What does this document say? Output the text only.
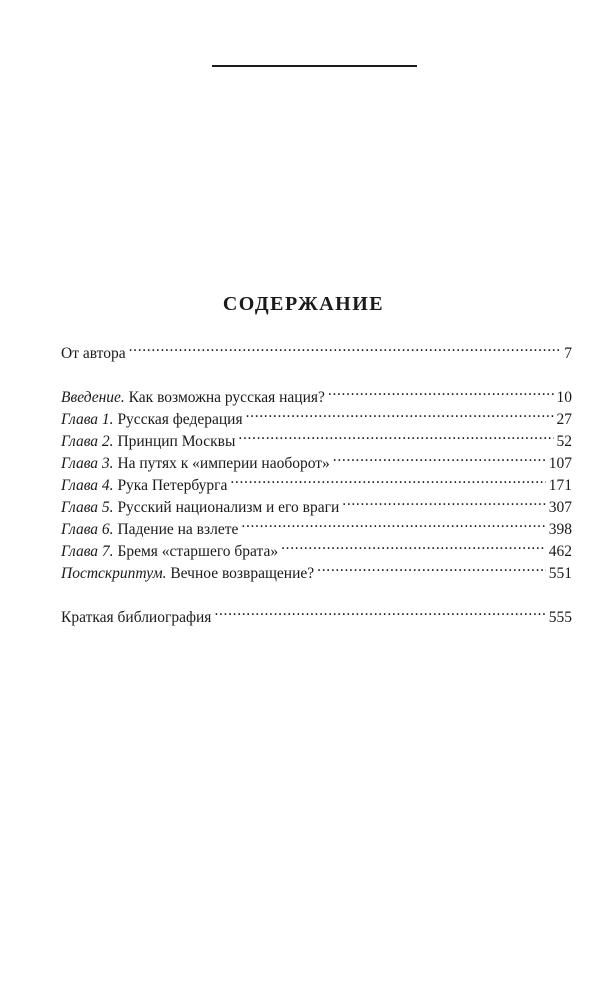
СОДЕРЖАНИЕ
От автора . . .	7
Введение. Как возможна русская нация? . . .	10
Глава 1. Русская федерация . . .	27
Глава 2. Принцип Москвы . . .	52
Глава 3. На путях к «империи наоборот» . . .	107
Глава 4. Рука Петербурга . . .	171
Глава 5. Русский национализм и его враги . . .	307
Глава 6. Падение на взлете . . .	398
Глава 7. Бремя «старшего брата» . . .	462
Постскриптум. Вечное возвращение? . . .	551
Краткая библиография . . .	555
